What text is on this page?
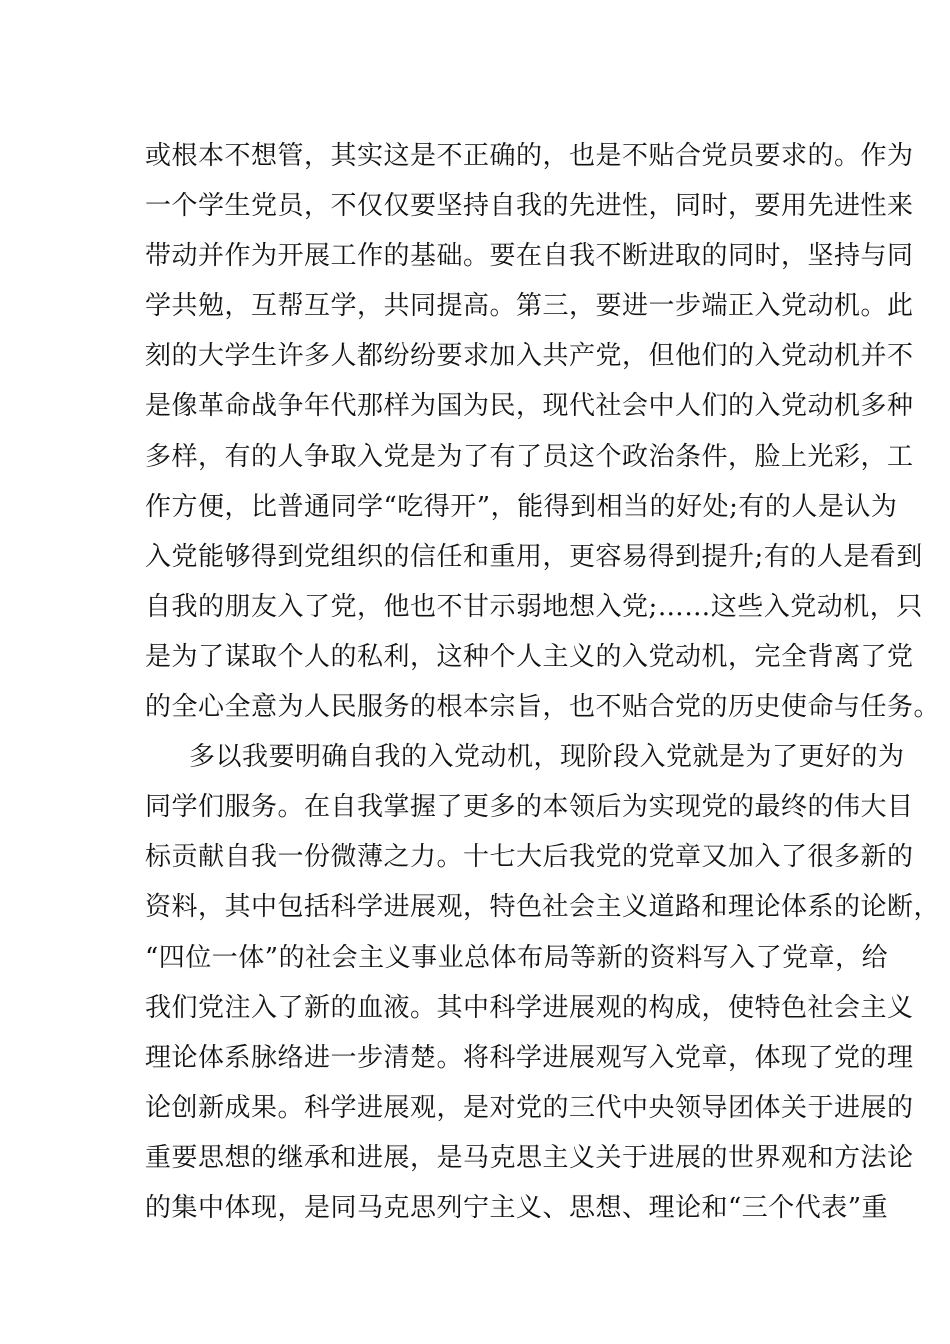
或根本不想管，其实这是不正确的，也是不贴合党员要求的。作为
一个学生党员，不仅仅要坚持自我的先进性，同时，要用先进性来
带动并作为开展工作的基础。要在自我不断进取的同时，坚持与同
学共勉，互帮互学，共同提高。第三，要进一步端正入党动机。此
刻的大学生许多人都纷纷要求加入共产党，但他们的入党动机并不
是像革命战争年代那样为国为民，现代社会中人们的入党动机多种
多样，有的人争取入党是为了有了员这个政治条件，脸上光彩，工
作方便，比普通同学“吃得开”，能得到相当的好处;有的人是认为
入党能够得到党组织的信任和重用，更容易得到提升;有的人是看到
自我的朋友入了党，他也不甘示弱地想入党;……这些入党动机，只
是为了谋取个人的私利，这种个人主义的入党动机，完全背离了党
的全心全意为人民服务的根本宗旨，也不贴合党的历史使命与任务。
多以我要明确自我的入党动机，现阶段入党就是为了更好的为
同学们服务。在自我掌握了更多的本领后为实现党的最终的伟大目
标贡献自我一份微薄之力。十七大后我党的党章又加入了很多新的
资料，其中包括科学进展观，特色社会主义道路和理论体系的论断，
“四位一体”的社会主义事业总体布局等新的资料写入了党章，给
我们党注入了新的血液。其中科学进展观的构成，使特色社会主义
理论体系脉络进一步清楚。将科学进展观写入党章，体现了党的理
论创新成果。科学进展观，是对党的三代中央领导团体关于进展的
重要思想的继承和进展，是马克思主义关于进展的世界观和方法论
的集中体现，是同马克思列宁主义、思想、理论和“三个代表”重
